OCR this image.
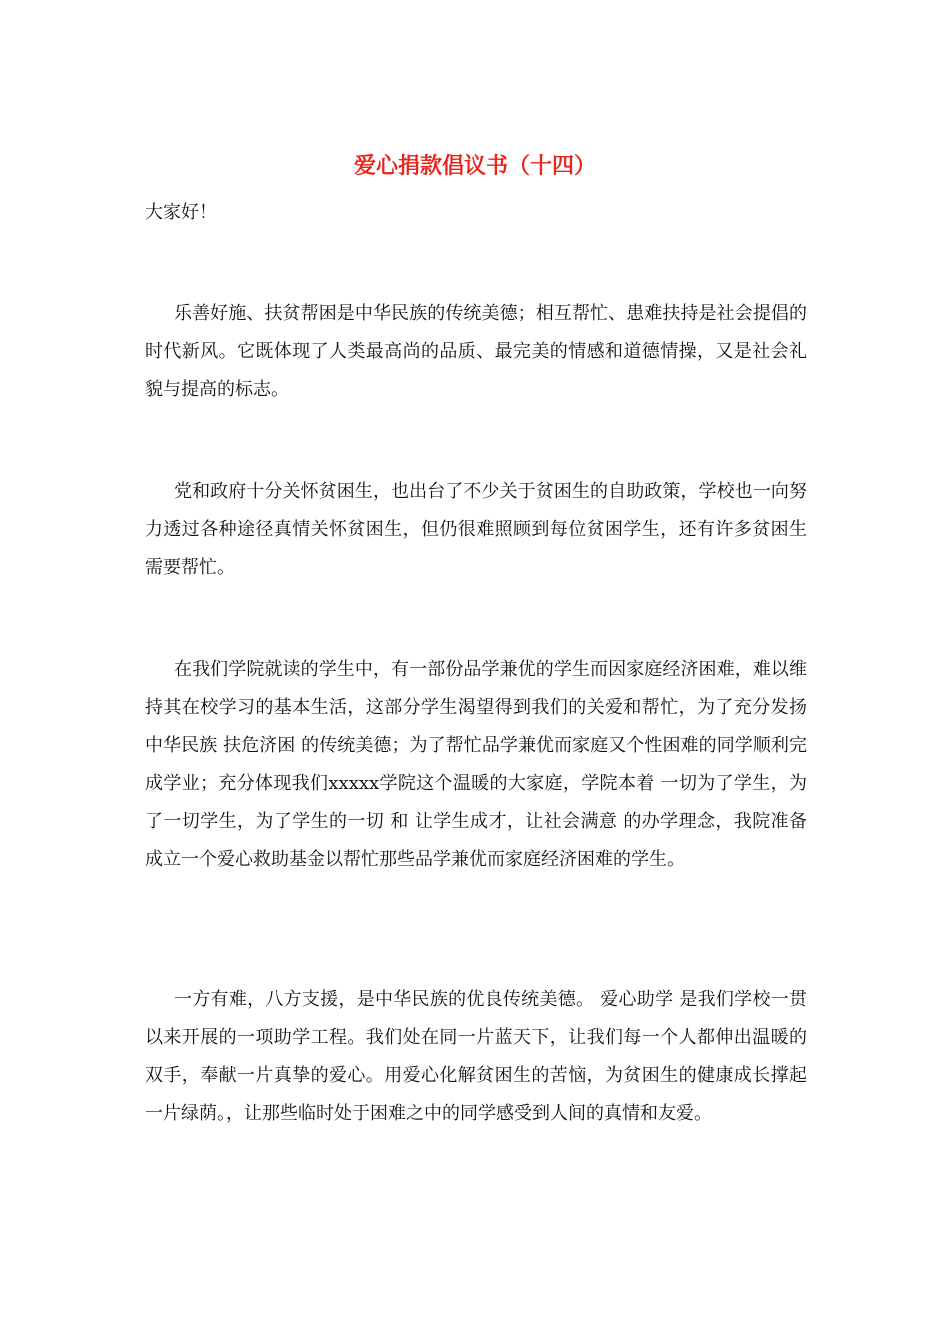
爱心捐款倡议书（十四）

大家好！

乐善好施、扶贫帮困是中华民族的传统美德；相互帮忙、患难扶持是社会提倡的时代新风。它既体现了人类最高尚的品质、最完美的情感和道德情操，又是社会礼貌与提高的标志。

党和政府十分关怀贫困生，也出台了不少关于贫困生的自助政策，学校也一向努力透过各种途径真情关怀贫困生，但仍很难照顾到每位贫困学生，还有许多贫困生需要帮忙。

在我们学院就读的学生中，有一部份品学兼优的学生而因家庭经济困难，难以维持其在校学习的基本生活，这部分学生渴望得到我们的关爱和帮忙，为了充分发扬中华民族 扶危济困 的传统美德；为了帮忙品学兼优而家庭又个性困难的同学顺利完成学业；充分体现我们xxxxx学院这个温暖的大家庭，学院本着 一切为了学生，为了一切学生，为了学生的一切 和 让学生成才，让社会满意 的办学理念，我院准备成立一个爱心救助基金以帮忙那些品学兼优而家庭经济困难的学生。

一方有难，八方支援，是中华民族的优良传统美德。 爱心助学 是我们学校一贯以来开展的一项助学工程。我们处在同一片蓝天下，让我们每一个人都伸出温暖的双手，奉献一片真挚的爱心。用爱心化解贫困生的苦恼，为贫困生的健康成长撑起一片绿荫。，让那些临时处于困难之中的同学感受到人间的真情和友爱。
